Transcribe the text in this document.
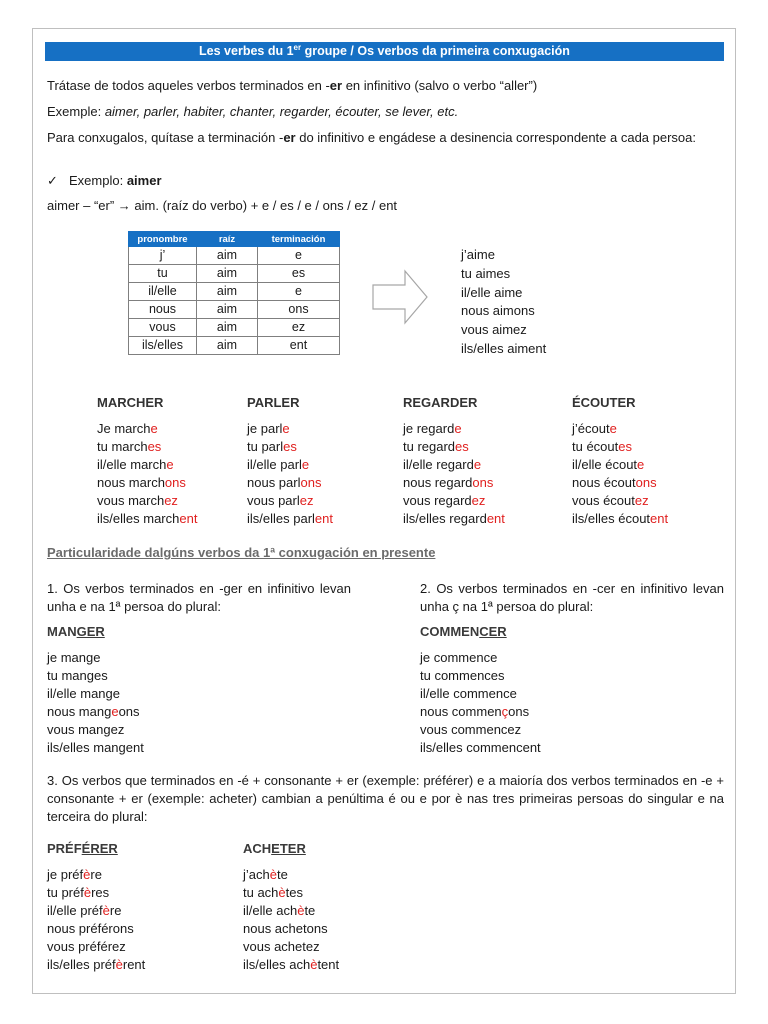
Les verbes du 1er groupe / Os verbos da primeira conxugación
Trátase de todos aqueles verbos terminados en -er en infinitivo (salvo o verbo “aller”)
Exemple: aimer, parler, habiter, chanter, regarder, écouter, se lever, etc.
Para conxugalos, quítase a terminación -er do infinitivo e engádese a desinencia correspondente a cada persoa:
✓ Exemplo: aimer
aimer – “er” → aim. (raíz do verbo) + e / es / e / ons / ez / ent
pronombre	raíz	terminación
j’	aim	e
tu	aim	es
il/elle	aim	e
nous	aim	ons
vous	aim	ez
ils/elles	aim	ent
j’aime
tu aimes
il/elle aime
nous aimons
vous aimez
ils/elles aiment
MARCHER
Je marche
tu marches
il/elle marche
nous marchons
vous marchez
ils/elles marchent
PARLER
je parle
tu parles
il/elle parle
nous parlons
vous parlez
ils/elles parlent
REGARDER
je regarde
tu regardes
il/elle regarde
nous regardons
vous regardez
ils/elles regardent
ÉCOUTER
j’écoute
tu écoutes
il/elle écoute
nous écoutons
vous écoutez
ils/elles écoutent
Particularidade dalgúns verbos da 1ª conxugación en presente
1. Os verbos terminados en -ger en infinitivo levan unha e na 1ª persoa do plural:
2. Os verbos terminados en -cer en infinitivo levan unha ç na 1ª persoa do plural:
MANGER	COMMENCER
je mange
tu manges
il/elle mange
nous mangeons
vous mangez
ils/elles mangent
je commence
tu commences
il/elle commence
nous commençons
vous commencez
ils/elles commencent
3. Os verbos que terminados en -é + consonante + er (exemple: préférer) e a maioría dos verbos terminados en -e + consonante + er (exemple: acheter) cambian a penúltima é ou e por è nas tres primeiras persoas do singular e na terceira do plural:
PRÉFÉRER	ACHETER
je préfère
tu préfères
il/elle préfère
nous préférons
vous préférez
ils/elles préfèrent
j’achète
tu achètes
il/elle achète
nous achetons
vous achetez
ils/elles achètent
